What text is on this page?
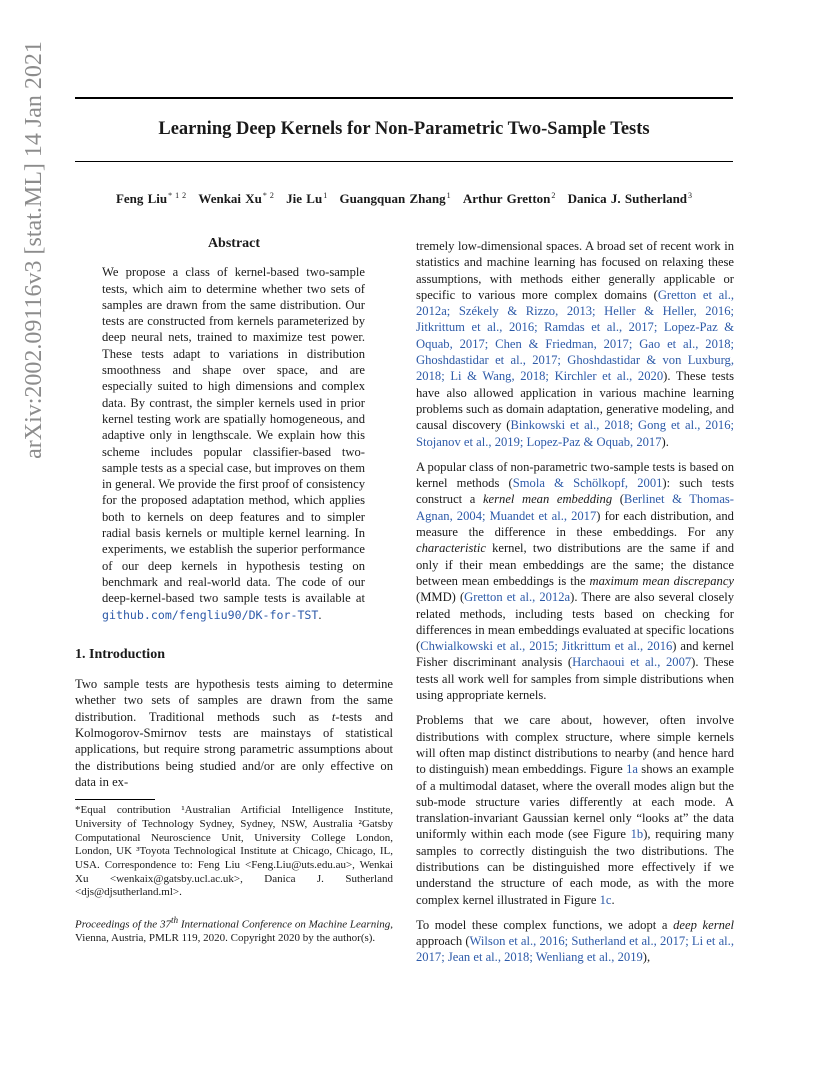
arXiv:2002.09116v3 [stat.ML] 14 Jan 2021	Learning Deep Kernels for Non-Parametric Two-Sample Tests
Feng Liu$^{* 1 2}$ Wenkai Xu$^{* 2}$ Jie Lu$^1$ Guangquan Zhang$^1$ Arthur Gretton$^2$ Danica J. Sutherland$^3$
Abstract
We propose a class of kernel-based two-sample tests, which aim to determine whether two sets of samples are drawn from the same distribution. Our tests are constructed from kernels parameterized by deep neural nets, trained to maximize test power. These tests adapt to variations in distribution smoothness and shape over space, and are especially suited to high dimensions and complex data. By contrast, the simpler kernels used in prior kernel testing work are spatially homogeneous, and adaptive only in lengthscale. We explain how this scheme includes popular classifier-based two-sample tests as a special case, but improves on them in general. We provide the first proof of consistency for the proposed adaptation method, which applies both to kernels on deep features and to simpler radial basis kernels or multiple kernel learning. In experiments, we establish the superior performance of our deep kernels in hypothesis testing on benchmark and real-world data. The code of our deep-kernel-based two sample tests is available at github.com/fengliu90/DK-for-TST.
1. Introduction

Two sample tests are hypothesis tests aiming to determine whether two sets of samples are drawn from the same distribution. Traditional methods such as t-tests and Kolmogorov-Smirnov tests are mainstays of statistical applications, but require strong parametric assumptions about the distributions being studied and/or are only effective on data in ex-

*Equal contribution ¹Australian Artificial Intelligence Institute, University of Technology Sydney, Sydney, NSW, Australia ²Gatsby Computational Neuroscience Unit, University College London, London, UK ³Toyota Technological Institute at Chicago, Chicago, IL, USA. Correspondence to: Feng Liu <Feng.Liu@uts.edu.au>, Wenkai Xu <wenkaix@gatsby.ucl.ac.uk>, Danica J. Sutherland <djs@djsutherland.ml>.
Proceedings of the 37th International Conference on Machine Learning, Vienna, Austria, PMLR 119, 2020. Copyright 2020 by the author(s).

tremely low-dimensional spaces. A broad set of recent work in statistics and machine learning has focused on relaxing these assumptions, with methods either generally applicable or specific to various more complex domains (Gretton et al., 2012a; Székely & Rizzo, 2013; Heller & Heller, 2016; Jitkrittum et al., 2016; Ramdas et al., 2017; Lopez-Paz & Oquab, 2017; Chen & Friedman, 2017; Gao et al., 2018; Ghoshdastidar et al., 2017; Ghoshdastidar & von Luxburg, 2018; Li & Wang, 2018; Kirchler et al., 2020). These tests have also allowed application in various machine learning problems such as domain adaptation, generative modeling, and causal discovery (Binkowski et al., 2018; Gong et al., 2016; Stojanov et al., 2019; Lopez-Paz & Oquab, 2017).

A popular class of non-parametric two-sample tests is based on kernel methods (Smola & Schölkopf, 2001): such tests construct a kernel mean embedding (Berlinet & Thomas-Agnan, 2004; Muandet et al., 2017) for each distribution, and measure the difference in these embeddings. For any characteristic kernel, two distributions are the same if and only if their mean embeddings are the same; the distance between mean embeddings is the maximum mean discrepancy (MMD) (Gretton et al., 2012a). There are also several closely related methods, including tests based on checking for differences in mean embeddings evaluated at specific locations (Chwialkowski et al., 2015; Jitkrittum et al., 2016) and kernel Fisher discriminant analysis (Harchaoui et al., 2007). These tests all work well for samples from simple distributions when using appropriate kernels.

Problems that we care about, however, often involve distributions with complex structure, where simple kernels will often map distinct distributions to nearby (and hence hard to distinguish) mean embeddings. Figure 1a shows an example of a multimodal dataset, where the overall modes align but the sub-mode structure varies differently at each mode. A translation-invariant Gaussian kernel only “looks at” the data uniformly within each mode (see Figure 1b), requiring many samples to correctly distinguish the two distributions. The distributions can be distinguished more effectively if we understand the structure of each mode, as with the more complex kernel illustrated in Figure 1c.

To model these complex functions, we adopt a deep kernel approach (Wilson et al., 2016; Sutherland et al., 2017; Li et al., 2017; Jean et al., 2018; Wenliang et al., 2019),
